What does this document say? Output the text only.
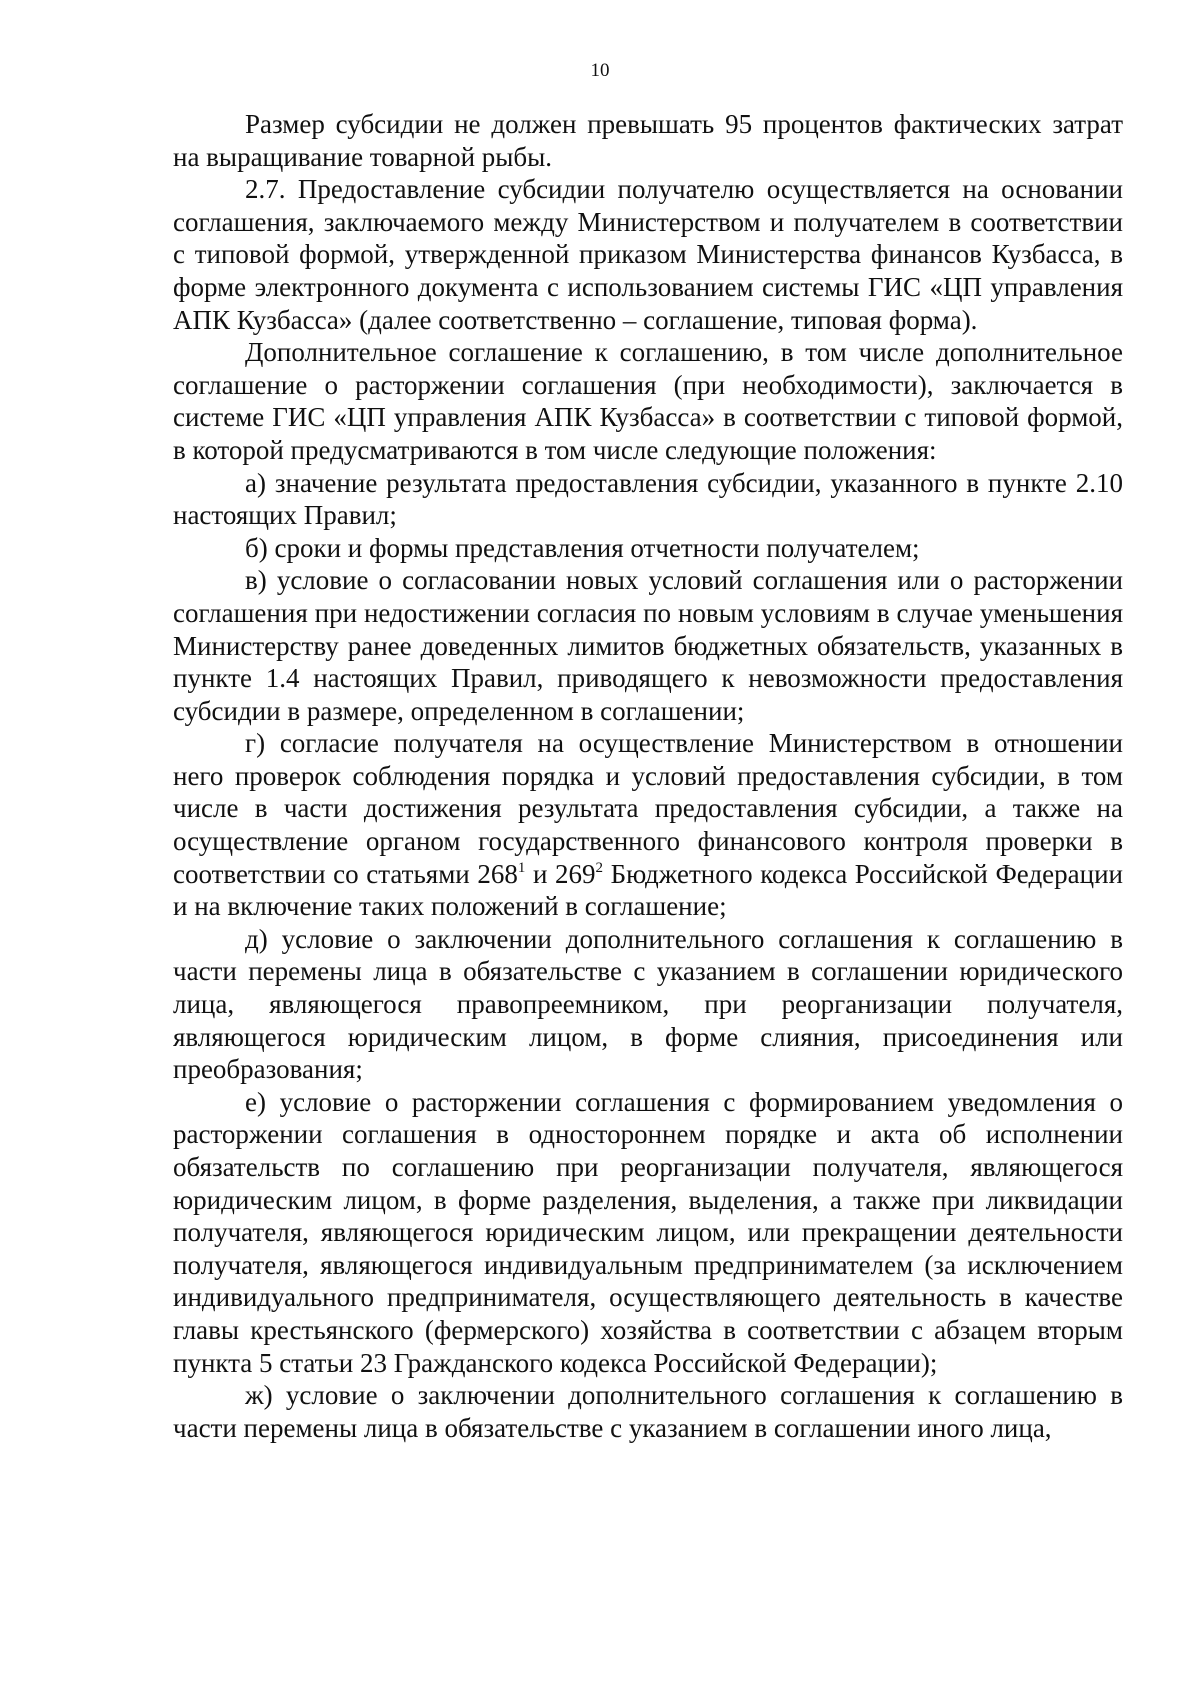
10

Размер субсидии не должен превышать 95 процентов фактических затрат на выращивание товарной рыбы.

2.7. Предоставление субсидии получателю осуществляется на основании соглашения, заключаемого между Министерством и получателем в соответствии с типовой формой, утвержденной приказом Министерства финансов Кузбасса, в форме электронного документа с использованием системы ГИС «ЦП управления АПК Кузбасса» (далее соответственно – соглашение, типовая форма).

Дополнительное соглашение к соглашению, в том числе дополнительное соглашение о расторжении соглашения (при необходимости), заключается в системе ГИС «ЦП управления АПК Кузбасса» в соответствии с типовой формой, в которой предусматриваются в том числе следующие положения:

а) значение результата предоставления субсидии, указанного в пункте 2.10 настоящих Правил;

б) сроки и формы представления отчетности получателем;

в) условие о согласовании новых условий соглашения или о расторжении соглашения при недостижении согласия по новым условиям в случае уменьшения Министерству ранее доведенных лимитов бюджетных обязательств, указанных в пункте 1.4 настоящих Правил, приводящего к невозможности предоставления субсидии в размере, определенном в соглашении;

г) согласие получателя на осуществление Министерством в отношении него проверок соблюдения порядка и условий предоставления субсидии, в том числе в части достижения результата предоставления субсидии, а также на осуществление органом государственного финансового контроля проверки в соответствии со статьями $268^1$ и $269^2$ Бюджетного кодекса Российской Федерации и на включение таких положений в соглашение;

д) условие о заключении дополнительного соглашения к соглашению в части перемены лица в обязательстве с указанием в соглашении юридического лица, являющегося правопреемником, при реорганизации получателя, являющегося юридическим лицом, в форме слияния, присоединения или преобразования;

е) условие о расторжении соглашения с формированием уведомления о расторжении соглашения в одностороннем порядке и акта об исполнении обязательств по соглашению при реорганизации получателя, являющегося юридическим лицом, в форме разделения, выделения, а также при ликвидации получателя, являющегося юридическим лицом, или прекращении деятельности получателя, являющегося индивидуальным предпринимателем (за исключением индивидуального предпринимателя, осуществляющего деятельность в качестве главы крестьянского (фермерского) хозяйства в соответствии с абзацем вторым пункта 5 статьи 23 Гражданского кодекса Российской Федерации);

ж) условие о заключении дополнительного соглашения к соглашению в части перемены лица в обязательстве с указанием в соглашении иного лица,
